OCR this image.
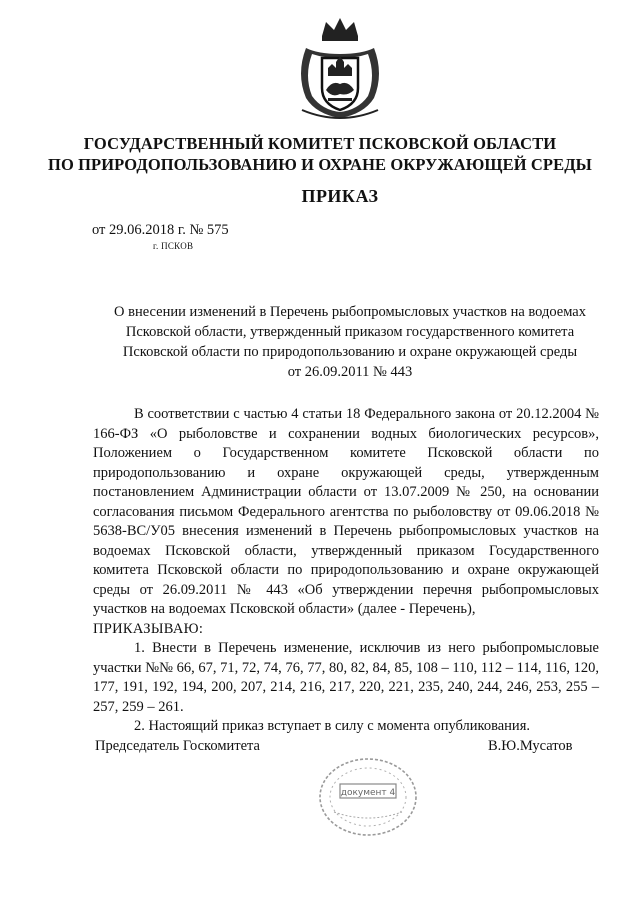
ГОСУДАРСТВЕННЫЙ КОМИТЕТ ПСКОВСКОЙ ОБЛАСТИ
ПО ПРИРОДОПОЛЬЗОВАНИЮ И ОХРАНЕ ОКРУЖАЮЩЕЙ СРЕДЫ
ПРИКАЗ
от 29.06.2018 г. № 575
г. ПСКОВ
О внесении изменений в Перечень рыбопромысловых участков на водоемах
Псковской области, утвержденный приказом государственного комитета
Псковской области по природопользованию и охране окружающей среды
от 26.09.2011 № 443

В соответствии с частью 4 статьи 18 Федерального закона от 20.12.2004 № 166-ФЗ «О рыболовстве и сохранении водных биологических ресурсов», Положением о Государственном комитете Псковской области по природопользованию и охране окружающей среды, утвержденным постановлением Администрации области от 13.07.2009 № 250, на основании согласования письмом Федерального агентства по рыболовству от 09.06.2018 № 5638-ВС/У05 внесения изменений в Перечень рыбопромысловых участков на водоемах Псковской области, утвержденный приказом Государственного комитета Псковской области по природопользованию и охране окружающей среды от 26.09.2011 № 443 «Об утверждении перечня рыбопромысловых участков на водоемах Псковской области» (далее - Перечень),

ПРИКАЗЫВАЮ:

1. Внести в Перечень изменение, исключив из него рыбопромысловые участки №№ 66, 67, 71, 72, 74, 76, 77, 80, 82, 84, 85, 108 – 110, 112 – 114, 116, 120, 177, 191, 192, 194, 200, 207, 214, 216, 217, 220, 221, 235, 240, 244, 246, 253, 255 – 257, 259 – 261.

2. Настоящий приказ вступает в силу с момента опубликования.

Председатель Госкомитета	В.Ю.Мусатов
документ 4
